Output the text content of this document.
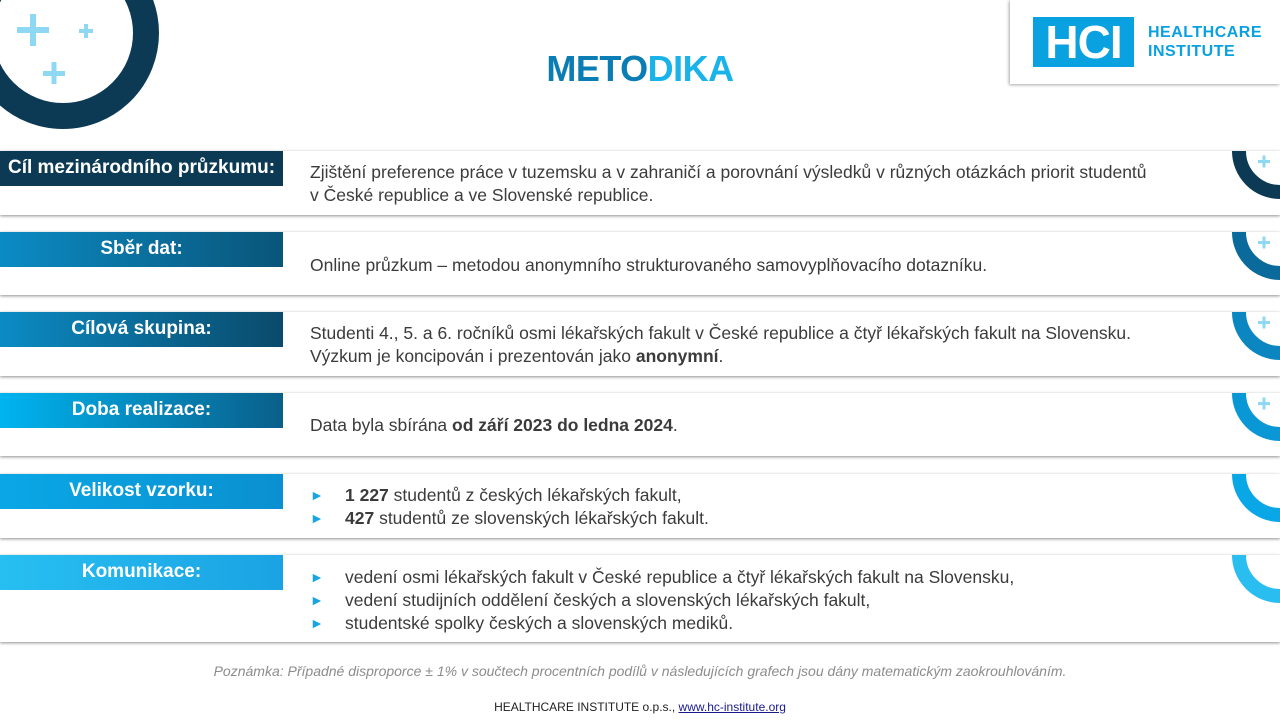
METODIKA
HCI	HEALTHCARE
INSTITUTE
Cíl mezinárodního průzkumu:	Zjištění preference práce v tuzemsku a v zahraničí a porovnání výsledků v různých otázkách priorit studentů
v České republice a ve Slovenské republice.
Sběr dat:
Online průzkum – metodou anonymního strukturovaného samovyplňovacího dotazníku.
Cílová skupina:	Studenti 4., 5. a 6. ročníků osmi lékařských fakult v České republice a čtyř lékařských fakult na Slovensku.
Výzkum je koncipován i prezentován jako anonymní.
Doba realizace:
Data byla sbírána od září 2023 do ledna 2024.
Velikost vzorku:	► 1 227 studentů z českých lékařských fakult,
► 427 studentů ze slovenských lékařských fakult.
Komunikace:	► vedení osmi lékařských fakult v České republice a čtyř lékařských fakult na Slovensku,
► vedení studijních oddělení českých a slovenských lékařských fakult,
► studentské spolky českých a slovenských mediků.
Poznámka: Případné disproporce ± 1% v součtech procentních podílů v následujících grafech jsou dány matematickým zaokrouhlováním.
HEALTHCARE INSTITUTE o.p.s., www.hc-institute.org
